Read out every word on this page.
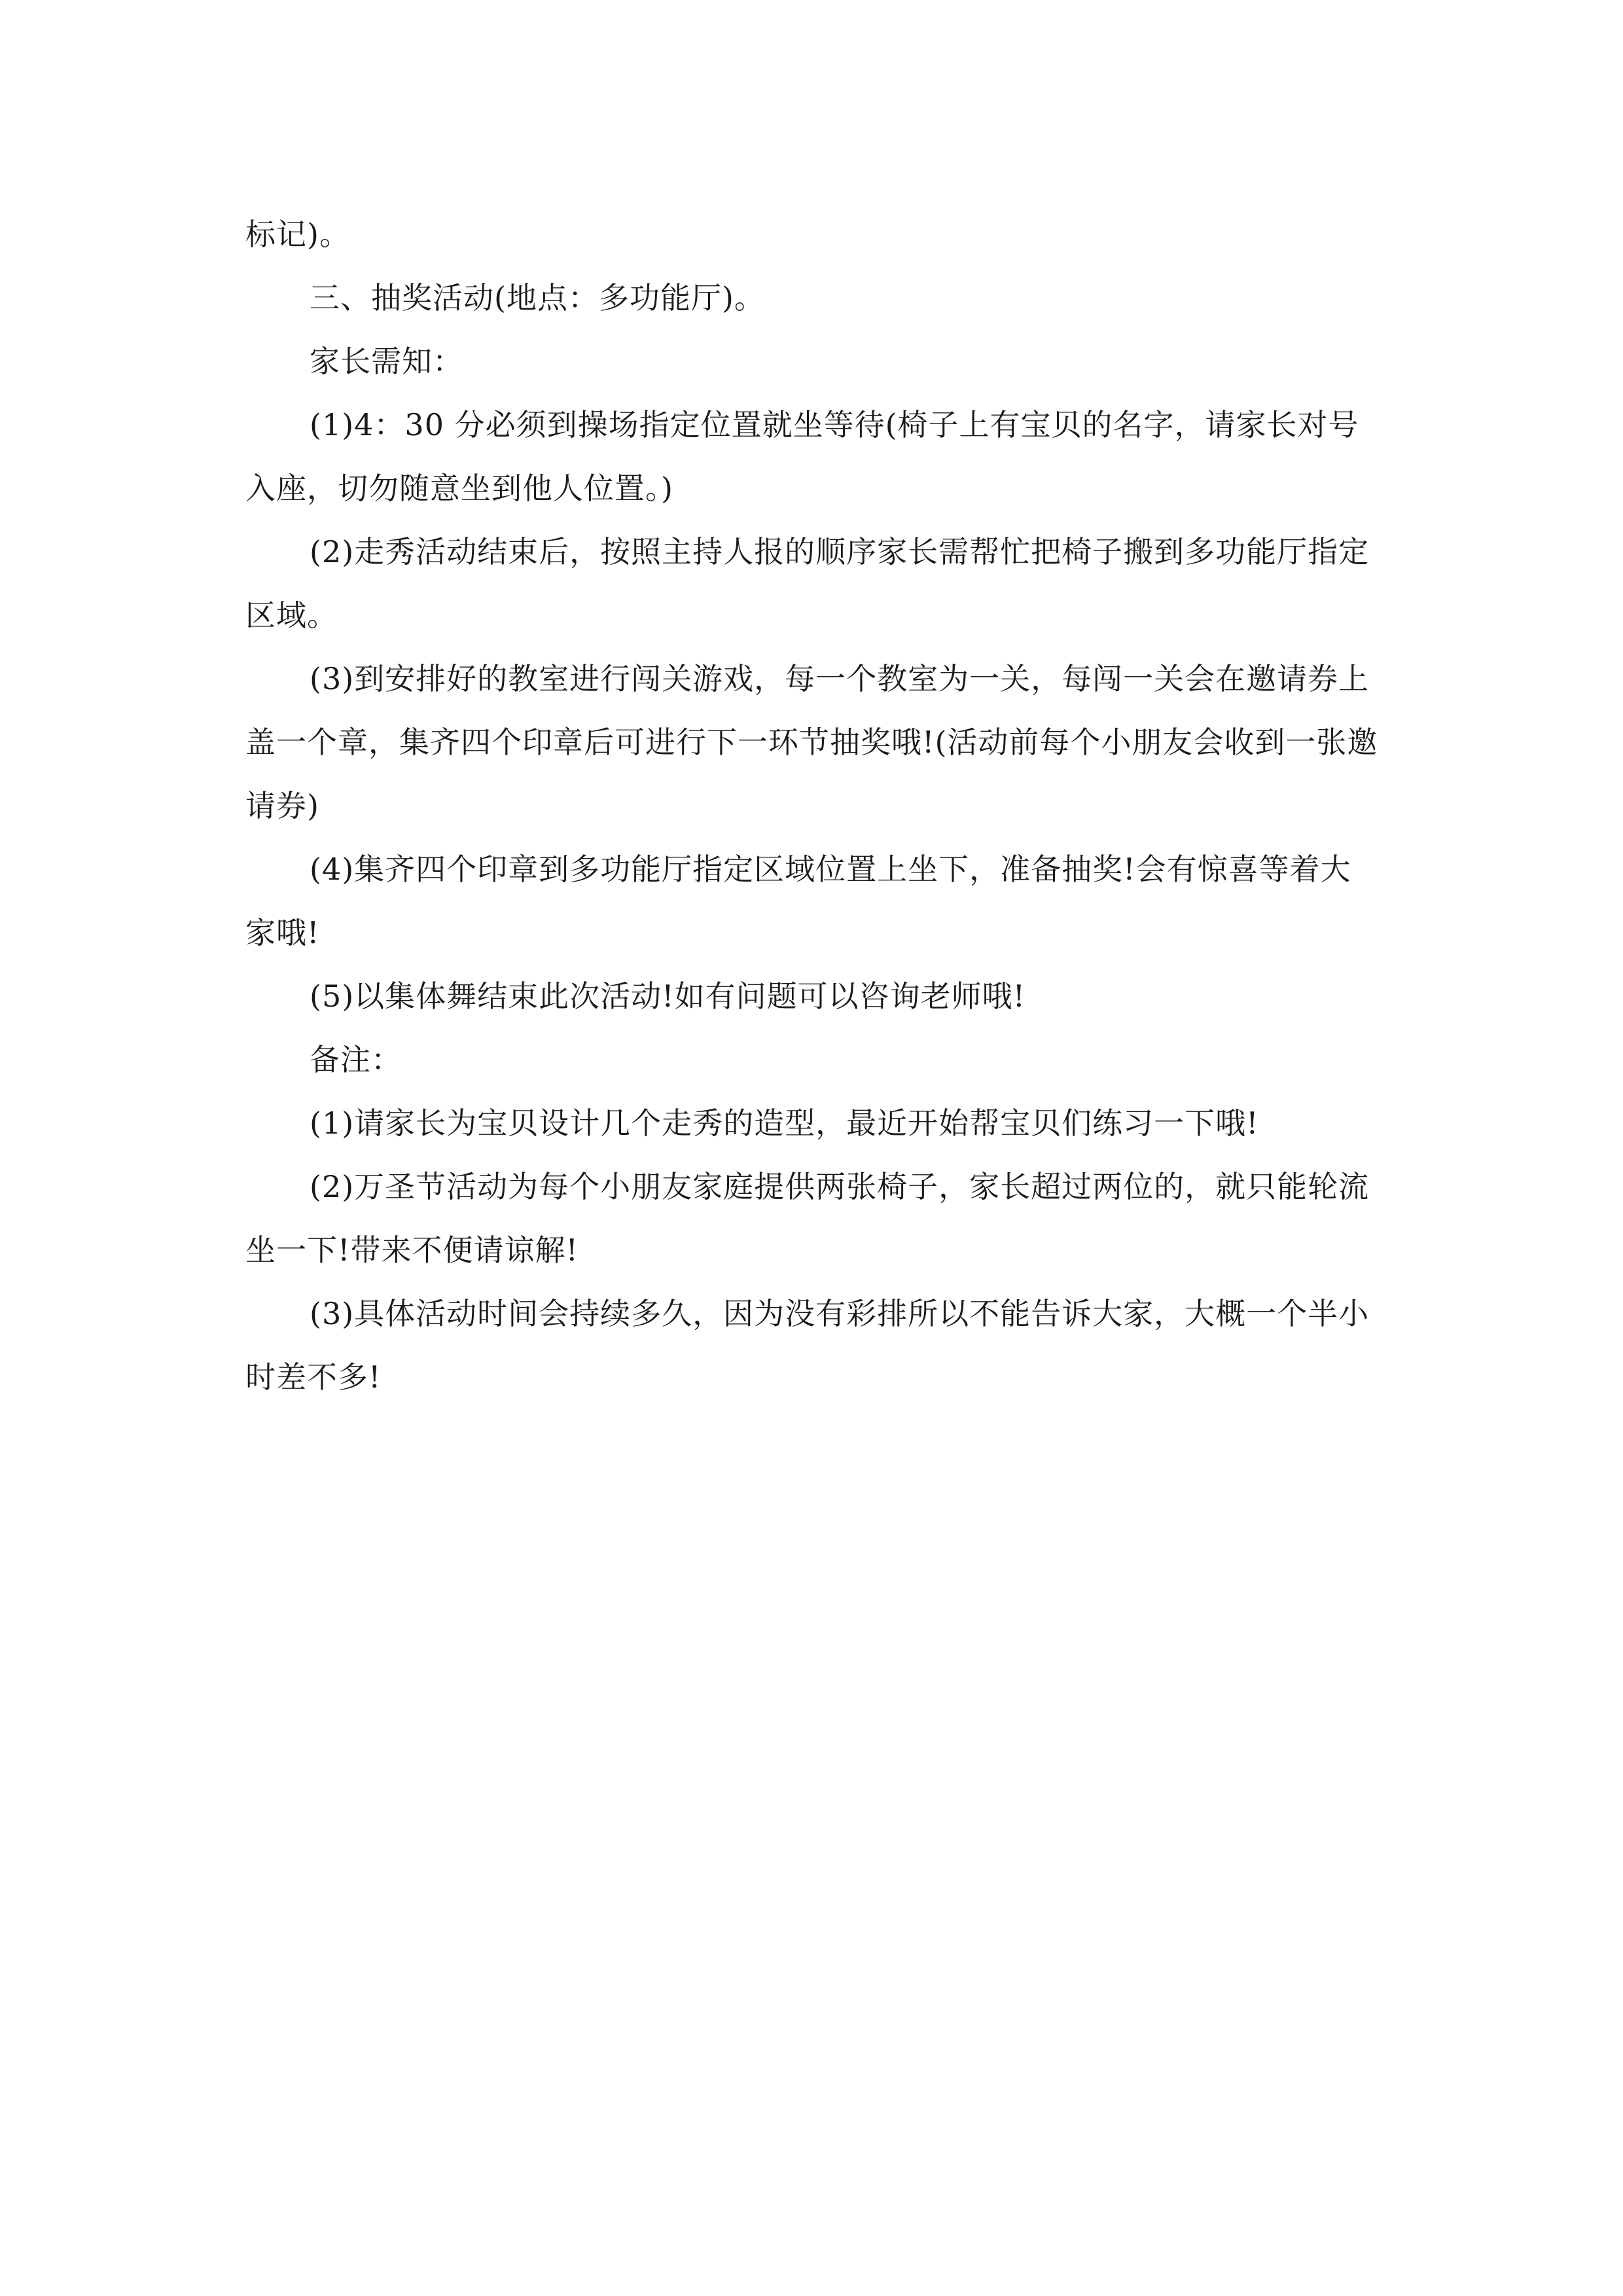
标记)。

三、抽奖活动(地点：多功能厅)。

家长需知：

(1)4：30 分必须到操场指定位置就坐等待(椅子上有宝贝的名字，请家长对号入座，切勿随意坐到他人位置。)

(2)走秀活动结束后，按照主持人报的顺序家长需帮忙把椅子搬到多功能厅指定区域。

(3)到安排好的教室进行闯关游戏，每一个教室为一关，每闯一关会在邀请券上盖一个章，集齐四个印章后可进行下一环节抽奖哦!(活动前每个小朋友会收到一张邀请券)

(4)集齐四个印章到多功能厅指定区域位置上坐下，准备抽奖!会有惊喜等着大家哦!

(5)以集体舞结束此次活动!如有问题可以咨询老师哦!

备注：

(1)请家长为宝贝设计几个走秀的造型，最近开始帮宝贝们练习一下哦!

(2)万圣节活动为每个小朋友家庭提供两张椅子，家长超过两位的，就只能轮流坐一下!带来不便请谅解!

(3)具体活动时间会持续多久，因为没有彩排所以不能告诉大家，大概一个半小时差不多!
